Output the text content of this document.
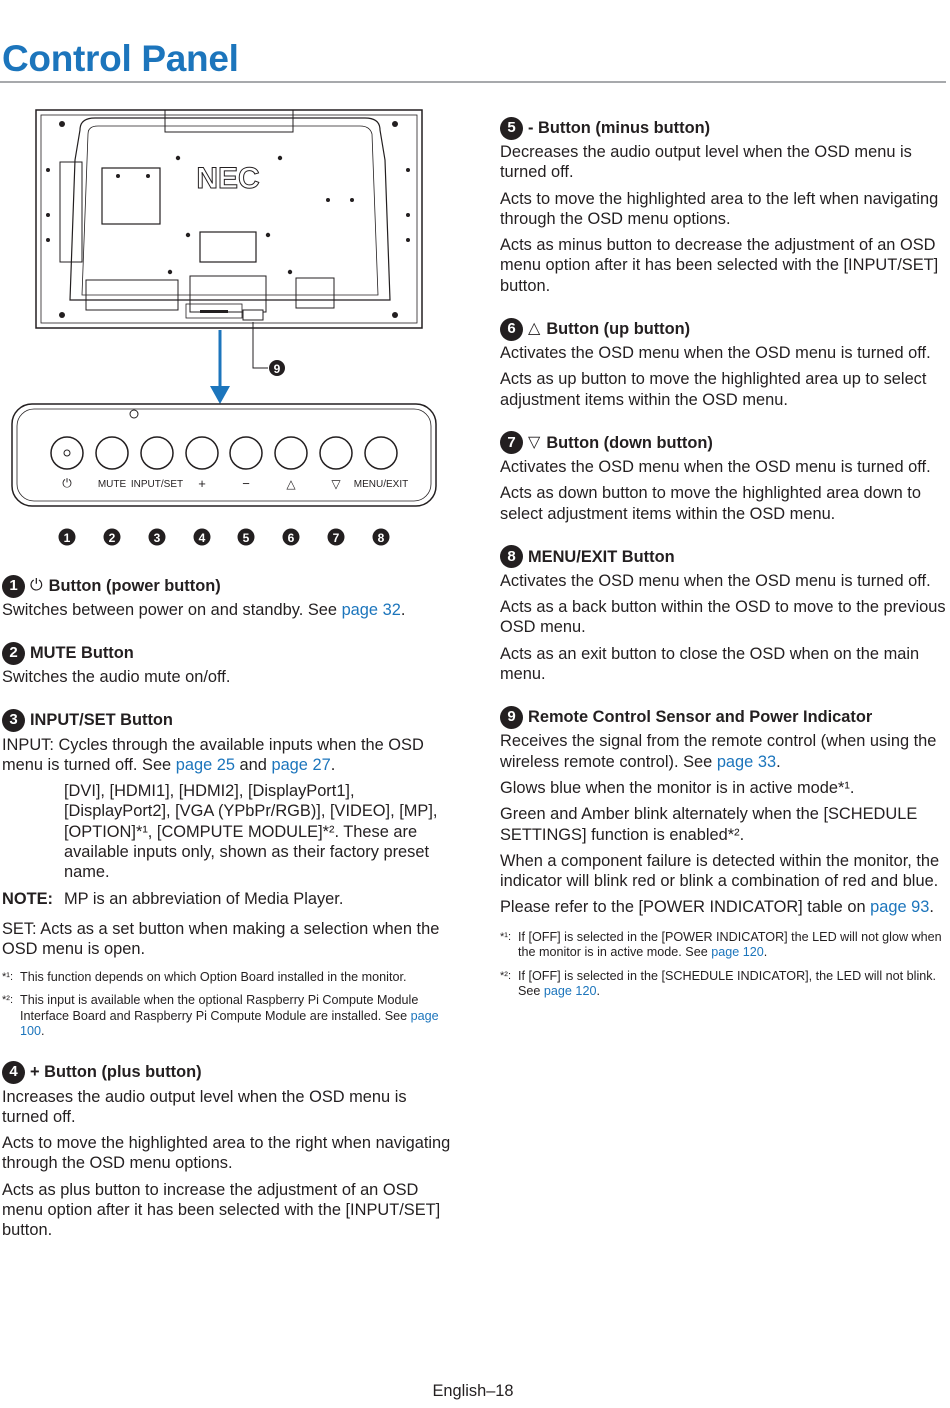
Control Panel
NEC
9
1	2	3	4	5	6	7	8
⏻	MUTE INPUT/SET +	−	△	▽ MENU/EXIT
1 ⏻ Button (power button)
Switches between power on and standby. See page 32.
2 MUTE Button
Switches the audio mute on/off.
3 INPUT/SET Button
INPUT: Cycles through the available inputs when the OSD menu is turned off. See page 25 and page 27.
[DVI], [HDMI1], [HDMI2], [DisplayPort1], [DisplayPort2], [VGA (YPbPr/RGB)], [VIDEO], [MP], [OPTION]*¹, [COMPUTE MODULE]*². These are available inputs only, shown as their factory preset name.
NOTE: MP is an abbreviation of Media Player.
SET: Acts as a set button when making a selection when the OSD menu is open.
*¹: This function depends on which Option Board installed in the monitor.
*²: This input is available when the optional Raspberry Pi Compute Module Interface Board and Raspberry Pi Compute Module are installed. See page 100.
4 + Button (plus button)
Increases the audio output level when the OSD menu is turned off.
Acts to move the highlighted area to the right when navigating through the OSD menu options.
Acts as plus button to increase the adjustment of an OSD menu option after it has been selected with the [INPUT/SET] button.
5 - Button (minus button)
Decreases the audio output level when the OSD menu is turned off.
Acts to move the highlighted area to the left when navigating through the OSD menu options.
Acts as minus button to decrease the adjustment of an OSD menu option after it has been selected with the [INPUT/SET] button.
6 △ Button (up button)
Activates the OSD menu when the OSD menu is turned off.
Acts as up button to move the highlighted area up to select adjustment items within the OSD menu.
7 ▽ Button (down button)
Activates the OSD menu when the OSD menu is turned off.
Acts as down button to move the highlighted area down to select adjustment items within the OSD menu.
8 MENU/EXIT Button
Activates the OSD menu when the OSD menu is turned off.
Acts as a back button within the OSD to move to the previous OSD menu.
Acts as an exit button to close the OSD when on the main menu.
9 Remote Control Sensor and Power Indicator
Receives the signal from the remote control (when using the wireless remote control). See page 33.
Glows blue when the monitor is in active mode*¹.
Green and Amber blink alternately when the [SCHEDULE SETTINGS] function is enabled*².
When a component failure is detected within the monitor, the indicator will blink red or blink a combination of red and blue.
Please refer to the [POWER INDICATOR] table on page 93.
*¹: If [OFF] is selected in the [POWER INDICATOR] the LED will not glow when the monitor is in active mode. See page 120.
*²: If [OFF] is selected in the [SCHEDULE INDICATOR], the LED will not blink. See page 120.
English–18
